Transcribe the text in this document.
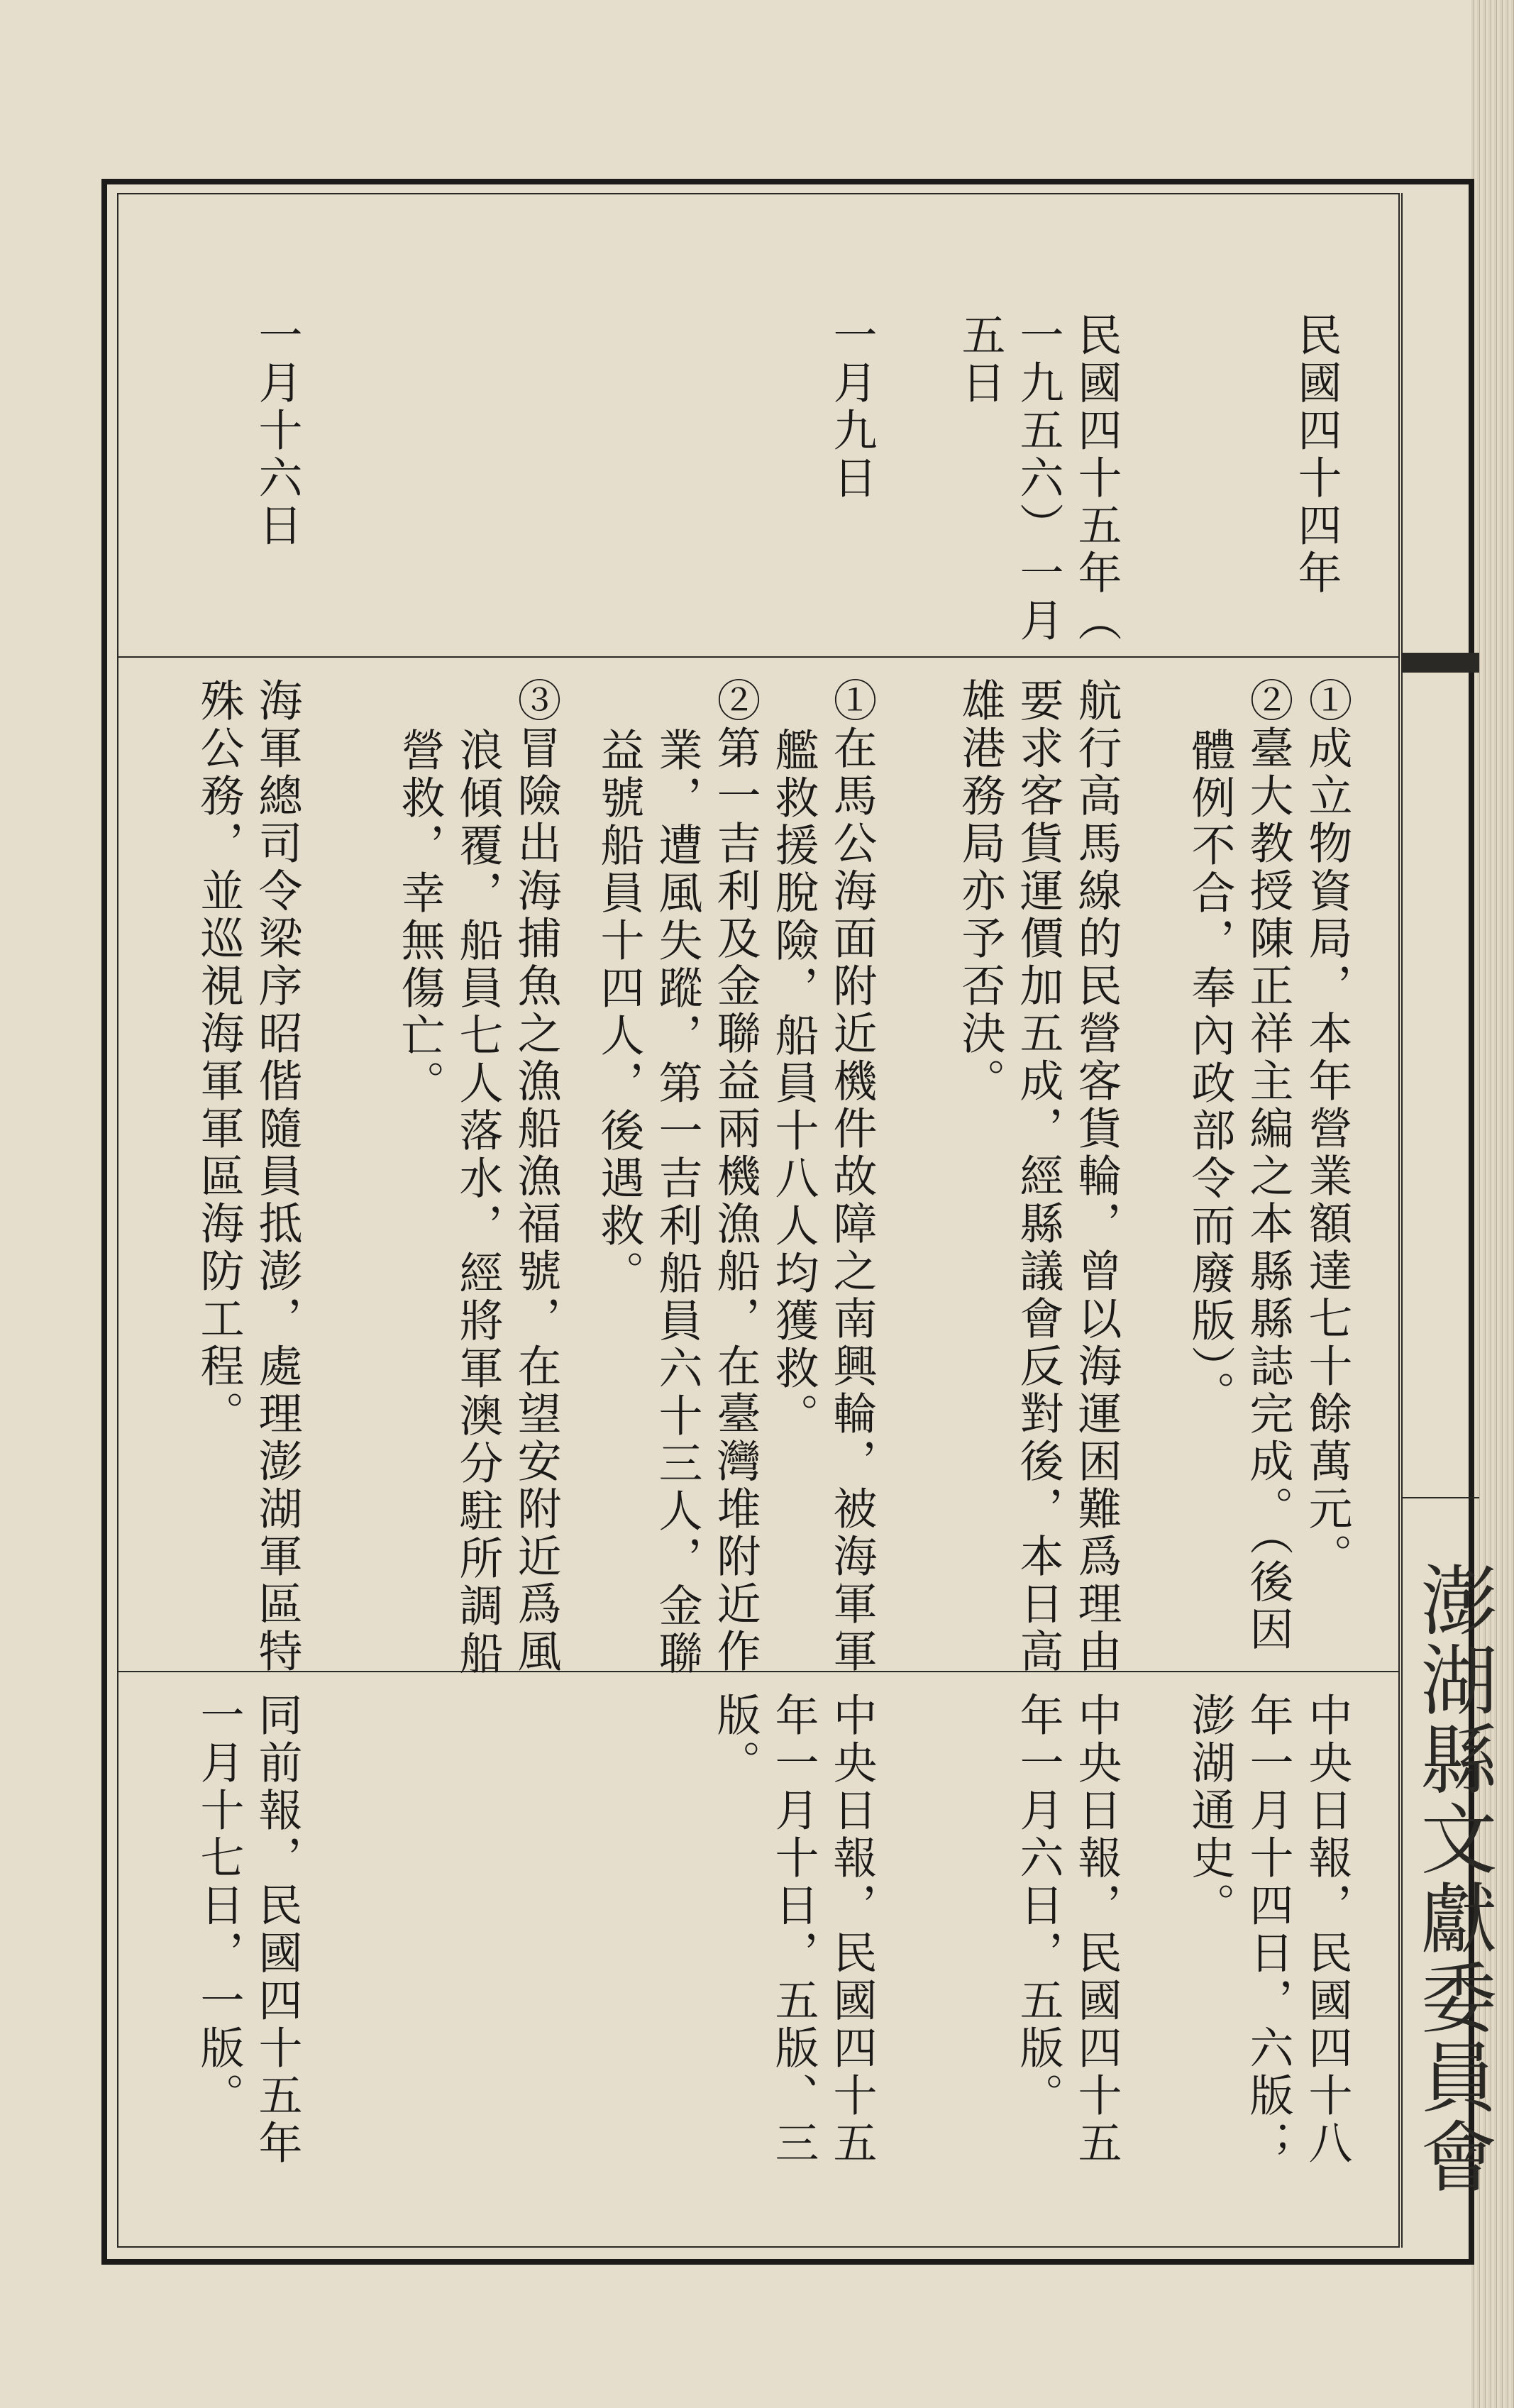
澎湖縣文獻委員會
民國四十四年
民國四十五年（
一九五六）一月
五日
一月九日
一月十六日
①成立物資局，本年營業額達七十餘萬元。
②臺大教授陳正祥主編之本縣縣誌完成。（後因
體例不合，奉內政部令而廢版）。
航行高馬線的民營客貨輪，曾以海運困難爲理由
要求客貨運價加五成，經縣議會反對後，本日高
雄港務局亦予否決。
①在馬公海面附近機件故障之南興輪，被海軍軍
艦救援脫險，船員十八人均獲救。
②第一吉利及金聯益兩機漁船，在臺灣堆附近作
業，遭風失蹤，第一吉利船員六十三人，金聯
益號船員十四人，後遇救。
③冒險出海捕魚之漁船漁福號，在望安附近爲風
浪傾覆，船員七人落水，經將軍澳分駐所調船
營救，幸無傷亡。
海軍總司令梁序昭偕隨員抵澎，處理澎湖軍區特
殊公務，並巡視海軍軍區海防工程。
中央日報，民國四十八
年一月十四日，六版；
澎湖通史。
中央日報，民國四十五
年一月六日，五版。
中央日報，民國四十五
年一月十日，五版、三
版。
同前報，民國四十五年
一月十七日，一版。
